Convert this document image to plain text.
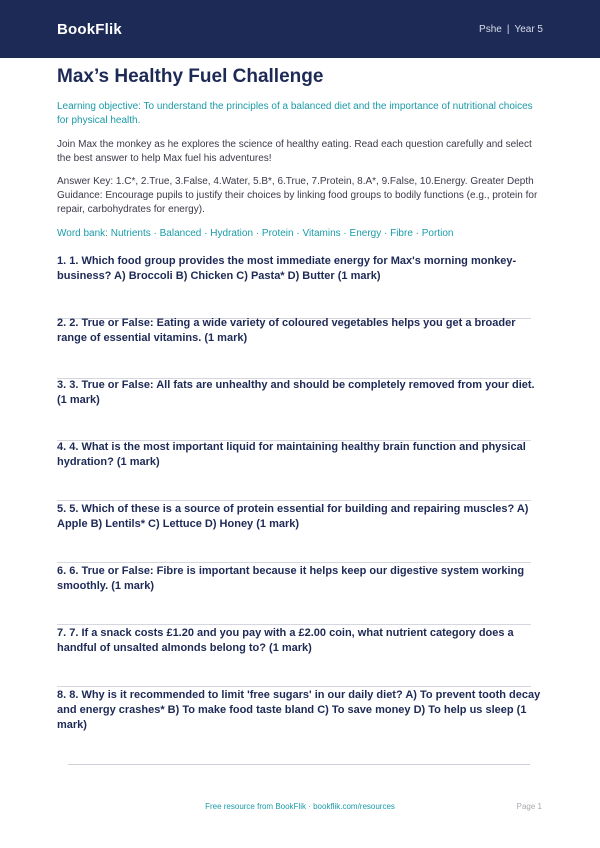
BookFlik	Pshe | Year 5
Max’s Healthy Fuel Challenge
Learning objective: To understand the principles of a balanced diet and the importance of nutritional choices for physical health.
Join Max the monkey as he explores the science of healthy eating. Read each question carefully and select the best answer to help Max fuel his adventures!
Answer Key: 1.C*, 2.True, 3.False, 4.Water, 5.B*, 6.True, 7.Protein, 8.A*, 9.False, 10.Energy. Greater Depth Guidance: Encourage pupils to justify their choices by linking food groups to bodily functions (e.g., protein for repair, carbohydrates for energy).
Word bank: Nutrients · Balanced · Hydration · Protein · Vitamins · Energy · Fibre · Portion
1. 1. Which food group provides the most immediate energy for Max's morning monkey-business? A) Broccoli B) Chicken C) Pasta* D) Butter (1 mark)
2. 2. True or False: Eating a wide variety of coloured vegetables helps you get a broader range of essential vitamins. (1 mark)
3. 3. True or False: All fats are unhealthy and should be completely removed from your diet. (1 mark)
4. 4. What is the most important liquid for maintaining healthy brain function and physical hydration? (1 mark)
5. 5. Which of these is a source of protein essential for building and repairing muscles? A) Apple B) Lentils* C) Lettuce D) Honey (1 mark)
6. 6. True or False: Fibre is important because it helps keep our digestive system working smoothly. (1 mark)
7. 7. If a snack costs £1.20 and you pay with a £2.00 coin, what nutrient category does a handful of unsalted almonds belong to? (1 mark)
8. 8. Why is it recommended to limit 'free sugars' in our daily diet? A) To prevent tooth decay and energy crashes* B) To make food taste bland C) To save money D) To help us sleep (1 mark)
Free resource from BookFlik · bookflik.com/resources	Page 1
